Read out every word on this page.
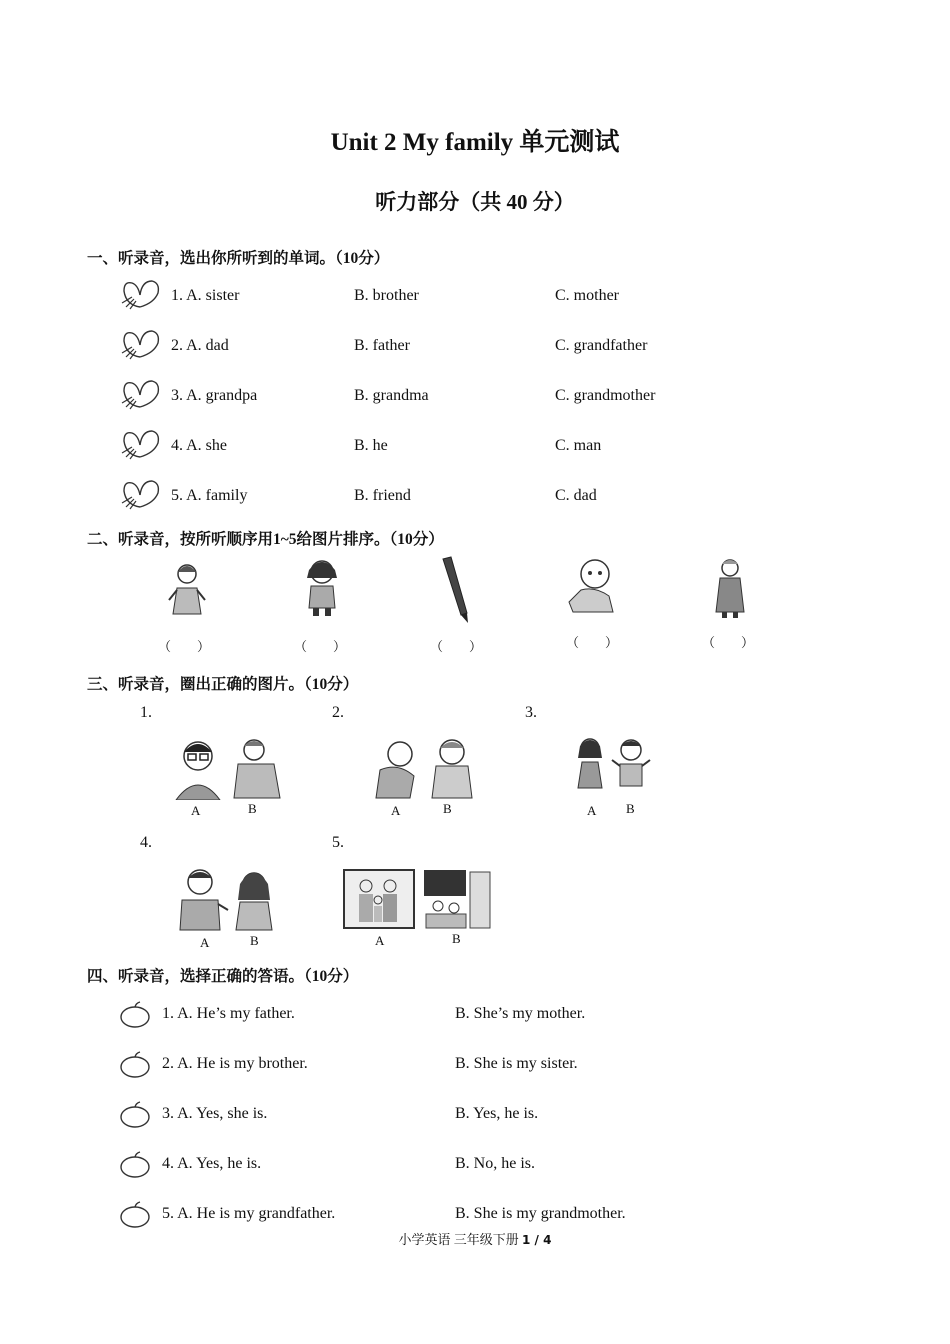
Unit 2 My family 单元测试
听力部分（共 40 分）
一、听录音，选出你所听到的单词。（10分）
1. A. sister	B. brother	C. mother
2. A. dad	B. father	C. grandfather
3. A. grandpa	B. grandma	C. grandmother
4. A. she	B. he	C. man
5. A. family	B. friend	C. dad
二、听录音，按所听顺序用1~5给图片排序。（10分）
（　　）	（　　）	（　　）	（　　）	（　　）
三、听录音，圈出正确的图片。（10分）
1.	2.	3.
4.	5.
A	B	A	B	A B
A	B	A	B
四、听录音，选择正确的答语。（10分）
1. A. He’s my father.	B. She’s my mother.
2. A. He is my brother.	B. She is my sister.
3. A. Yes, she is.	B. Yes, he is.
4. A. Yes, he is.	B. No, he is.
5. A. He is my grandfather.	B. She is my grandmother.
小学英语 三年级下册 1 / 4
